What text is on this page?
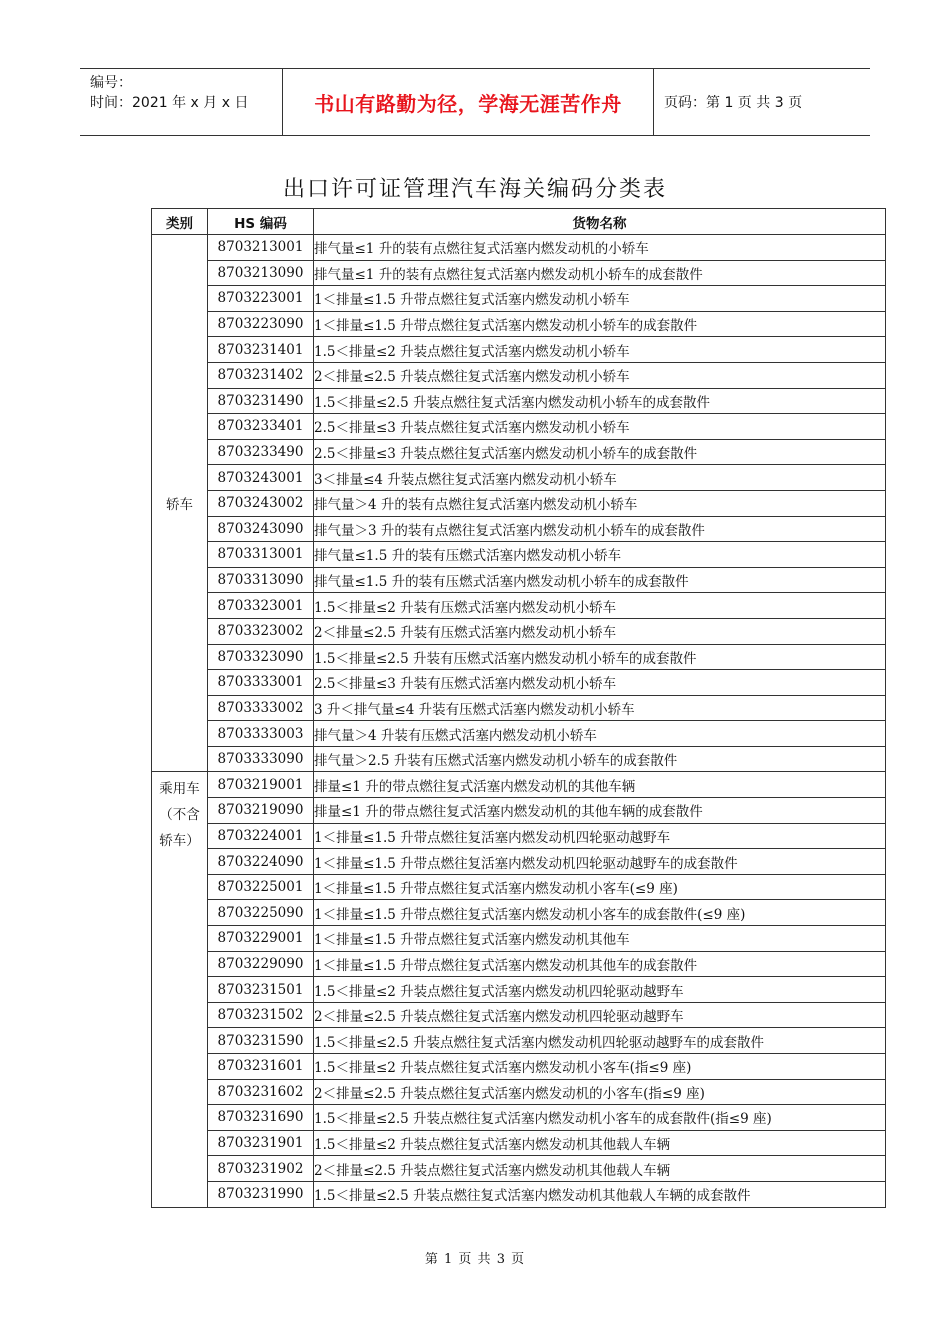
编号：
时间：2021 年 x 月 x 日	书山有路勤为径，学海无涯苦作舟	页码：第 1 页 共 3 页
出口许可证管理汽车海关编码分类表
类别	HS 编码	货物名称
轿车	8703213001	排气量≤1 升的装有点燃往复式活塞内燃发动机的小轿车
	8703213090	排气量≤1 升的装有点燃往复式活塞内燃发动机小轿车的成套散件
	8703223001	1＜排量≤1.5 升带点燃往复式活塞内燃发动机小轿车
	8703223090	1＜排量≤1.5 升带点燃往复式活塞内燃发动机小轿车的成套散件
	8703231401	1.5＜排量≤2 升装点燃往复式活塞内燃发动机小轿车
	8703231402	2＜排量≤2.5 升装点燃往复式活塞内燃发动机小轿车
	8703231490	1.5＜排量≤2.5 升装点燃往复式活塞内燃发动机小轿车的成套散件
	8703233401	2.5＜排量≤3 升装点燃往复式活塞内燃发动机小轿车
	8703233490	2.5＜排量≤3 升装点燃往复式活塞内燃发动机小轿车的成套散件
	8703243001	3＜排量≤4 升装点燃往复式活塞内燃发动机小轿车
	8703243002	排气量＞4 升的装有点燃往复式活塞内燃发动机小轿车
	8703243090	排气量＞3 升的装有点燃往复式活塞内燃发动机小轿车的成套散件
	8703313001	排气量≤1.5 升的装有压燃式活塞内燃发动机小轿车
	8703313090	排气量≤1.5 升的装有压燃式活塞内燃发动机小轿车的成套散件
	8703323001	1.5＜排量≤2 升装有压燃式活塞内燃发动机小轿车
	8703323002	2＜排量≤2.5 升装有压燃式活塞内燃发动机小轿车
	8703323090	1.5＜排量≤2.5 升装有压燃式活塞内燃发动机小轿车的成套散件
	8703333001	2.5＜排量≤3 升装有压燃式活塞内燃发动机小轿车
	8703333002	3 升＜排气量≤4 升装有压燃式活塞内燃发动机小轿车
	8703333003	排气量＞4 升装有压燃式活塞内燃发动机小轿车
	8703333090	排气量＞2.5 升装有压燃式活塞内燃发动机小轿车的成套散件
乘用车（不含轿车）	8703219001	排量≤1 升的带点燃往复式活塞内燃发动机的其他车辆
	8703219090	排量≤1 升的带点燃往复式活塞内燃发动机的其他车辆的成套散件
	8703224001	1＜排量≤1.5 升带点燃往复活塞内燃发动机四轮驱动越野车
	8703224090	1＜排量≤1.5 升带点燃往复活塞内燃发动机四轮驱动越野车的成套散件
	8703225001	1＜排量≤1.5 升带点燃往复式活塞内燃发动机小客车(≤9 座)
	8703225090	1＜排量≤1.5 升带点燃往复式活塞内燃发动机小客车的成套散件(≤9 座)
	8703229001	1＜排量≤1.5 升带点燃往复式活塞内燃发动机其他车
	8703229090	1＜排量≤1.5 升带点燃往复式活塞内燃发动机其他车的成套散件
	8703231501	1.5＜排量≤2 升装点燃往复式活塞内燃发动机四轮驱动越野车
	8703231502	2＜排量≤2.5 升装点燃往复式活塞内燃发动机四轮驱动越野车
	8703231590	1.5＜排量≤2.5 升装点燃往复式活塞内燃发动机四轮驱动越野车的成套散件
	8703231601	1.5＜排量≤2 升装点燃往复式活塞内燃发动机小客车(指≤9 座)
	8703231602	2＜排量≤2.5 升装点燃往复式活塞内燃发动机的小客车(指≤9 座)
	8703231690	1.5＜排量≤2.5 升装点燃往复式活塞内燃发动机小客车的成套散件(指≤9 座)
	8703231901	1.5＜排量≤2 升装点燃往复式活塞内燃发动机其他载人车辆
	8703231902	2＜排量≤2.5 升装点燃往复式活塞内燃发动机其他载人车辆
	8703231990	1.5＜排量≤2.5 升装点燃往复式活塞内燃发动机其他载人车辆的成套散件
第 1 页 共 3 页
